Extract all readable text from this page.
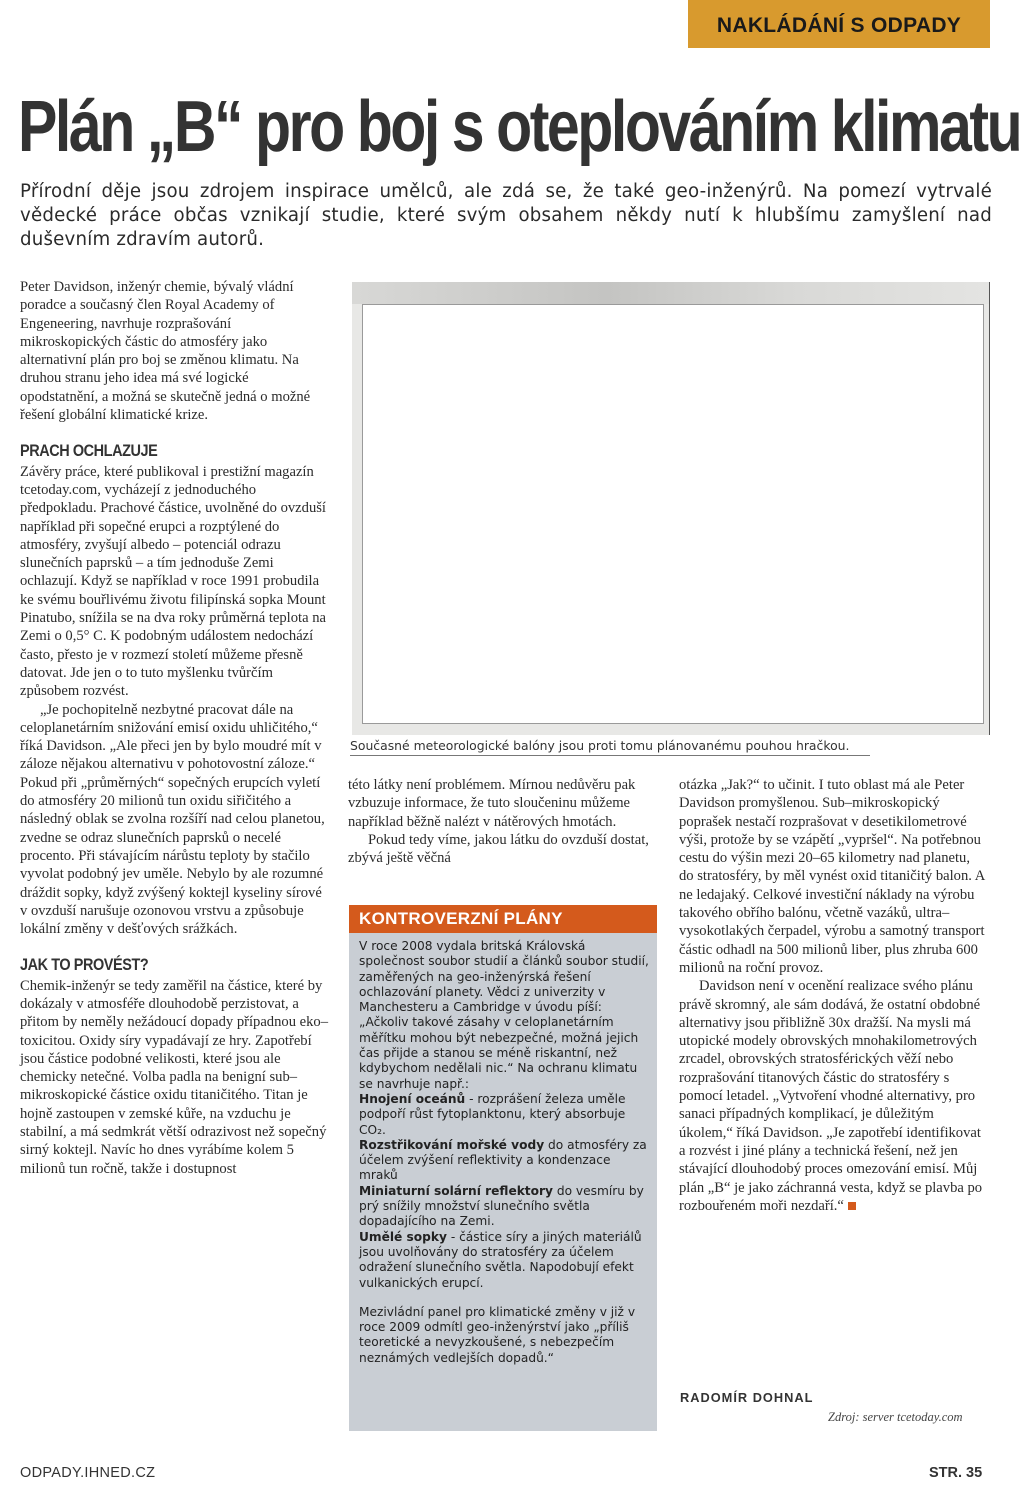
NAKLÁDÁNÍ S ODPADY
Plán „B“ pro boj s oteplováním klimatu
Přírodní děje jsou zdrojem inspirace umělců, ale zdá se, že také geo-inženýrů. Na pomezí vytrvalé vědecké práce občas vznikají studie, které svým obsahem někdy nutí k hlubšímu zamyšlení nad duševním zdravím autorů.

Peter Davidson, inženýr chemie, bývalý vládní poradce a současný člen Royal Academy of Engeneering, navrhuje rozprašování mikroskopických částic do atmosféry jako alternativní plán pro boj se změnou klimatu. Na druhou stranu jeho idea má své logické opodstatnění, a možná se skutečně jedná o možné řešení globální klimatické krize.

PRACH OCHLAZUJE

Závěry práce, které publikoval i prestižní magazín tcetoday.com, vycházejí z jednoduchého předpokladu. Prachové částice, uvolněné do ovzduší například při sopečné erupci a rozptýlené do atmosféry, zvyšují albedo – potenciál odrazu slunečních paprsků – a tím jednoduše Zemi ochlazují. Když se například v roce 1991 probudila ke svému bouřlivému životu filipínská sopka Mount Pinatubo, snížila se na dva roky průměrná teplota na Zemi o 0,5° C. K podobným událostem nedochází často, přesto je v rozmezí století můžeme přesně datovat. Jde jen o to tuto myšlenku tvůrčím způsobem rozvést.

„Je pochopitelně nezbytné pracovat dále na celoplanetárním snižování emisí oxidu uhličitého,“ říká Davidson. „Ale přeci jen by bylo moudré mít v záloze nějakou alternativu v pohotovostní záloze.“ Pokud při „průměrných“ sopečných erupcích vyletí do atmosféry 20 milionů tun oxidu siřičitého a následný oblak se zvolna rozšíří nad celou planetou, zvedne se odraz slunečních paprsků o necelé procento. Při stávajícím nárůstu teploty by stačilo vyvolat podobný jev uměle. Nebylo by ale rozumné dráždit sopky, když zvýšený koktejl kyseliny sírové v ovzduší narušuje ozonovou vrstvu a způsobuje lokální změny v dešťových srážkách.

JAK TO PROVÉST?

Chemik-inženýr se tedy zaměřil na částice, které by dokázaly v atmosféře dlouhodobě perzistovat, a přitom by neměly nežádoucí dopady případnou eko–toxicitou. Oxidy síry vypadávají ze hry. Zapotřebí jsou částice podobné velikosti, které jsou ale chemicky netečné. Volba padla na benigní sub–mikroskopické částice oxidu titaničitého. Titan je hojně zastoupen v zemské kůře, na vzduchu je stabilní, a má sedmkrát větší odrazivost než sopečný sirný koktejl. Navíc ho dnes vyrábíme kolem 5 milionů tun ročně, takže i dostupnost

Současné meteorologické balóny jsou proti tomu plánovanému pouhou hračkou.

této látky není problémem. Mírnou nedůvěru pak vzbuzuje informace, že tuto sloučeninu můžeme například běžně nalézt v nátěrových hmotách.

Pokud tedy víme, jakou látku do ovzduší dostat, zbývá ještě věčná

KONTROVERZNÍ PLÁNY

V roce 2008 vydala britská Královská společnost soubor studií a článků soubor studií, zaměřených na geo-inženýrská řešení ochlazování planety. Vědci z univerzity v Manchesteru a Cambridge v úvodu píší: „Ačkoliv takové zásahy v celoplanetárním měřítku mohou být nebezpečné, možná jejich čas přijde a stanou se méně riskantní, než kdybychom nedělali nic.“ Na ochranu klimatu se navrhuje např.:

Hnojení oceánů - rozprášení železa uměle podpoří růst fytoplanktonu, který absorbuje CO₂.

Rozstřikování mořské vody do atmosféry za účelem zvýšení reflektivity a kondenzace mraků

Miniaturní solární reflektory do vesmíru by prý snížily množství slunečního světla dopadajícího na Zemi.

Umělé sopky - částice síry a jiných materiálů jsou uvolňovány do stratosféry za účelem odražení slunečního světla. Napodobují efekt vulkanických erupcí.

Mezivládní panel pro klimatické změny v již v roce 2009 odmítl geo-inženýrství jako „příliš teoretické a nevyzkoušené, s nebezpečím neznámých vedlejších dopadů.“

otázka „Jak?“ to učinit. I tuto oblast má ale Peter Davidson promyšlenou. Sub–mikroskopický poprašek nestačí rozprašovat v desetikilometrové výši, protože by se vzápětí „vypršel“. Na potřebnou cestu do výšin mezi 20–65 kilometry nad planetu, do stratosféry, by měl vynést oxid titaničitý balon. A ne ledajaký. Celkové investiční náklady na výrobu takového obřího balónu, včetně vazáků, ultra–vysokotlakých čerpadel, výrobu a samotný transport částic odhadl na 500 milionů liber, plus zhruba 600 milionů na roční provoz.

Davidson není v ocenění realizace svého plánu právě skromný, ale sám dodává, že ostatní obdobné alternativy jsou přibližně 30x dražší. Na mysli má utopické modely obrovských mnohakilometrových zrcadel, obrovských stratosférických věží nebo rozprašování titanových částic do stratosféry s pomocí letadel. „Vytvoření vhodné alternativy, pro sanaci případných komplikací, je důležitým úkolem,“ říká Davidson. „Je zapotřebí identifikovat a rozvést i jiné plány a technická řešení, než jen stávající dlouhodobý proces omezování emisí. Můj plán „B“ je jako záchranná vesta, když se plavba po rozbouřeném moři nezdaří.“

RADOMÍR DOHNAL
Zdroj: server tcetoday.com
ODPADY.IHNED.CZ	STR. 35
